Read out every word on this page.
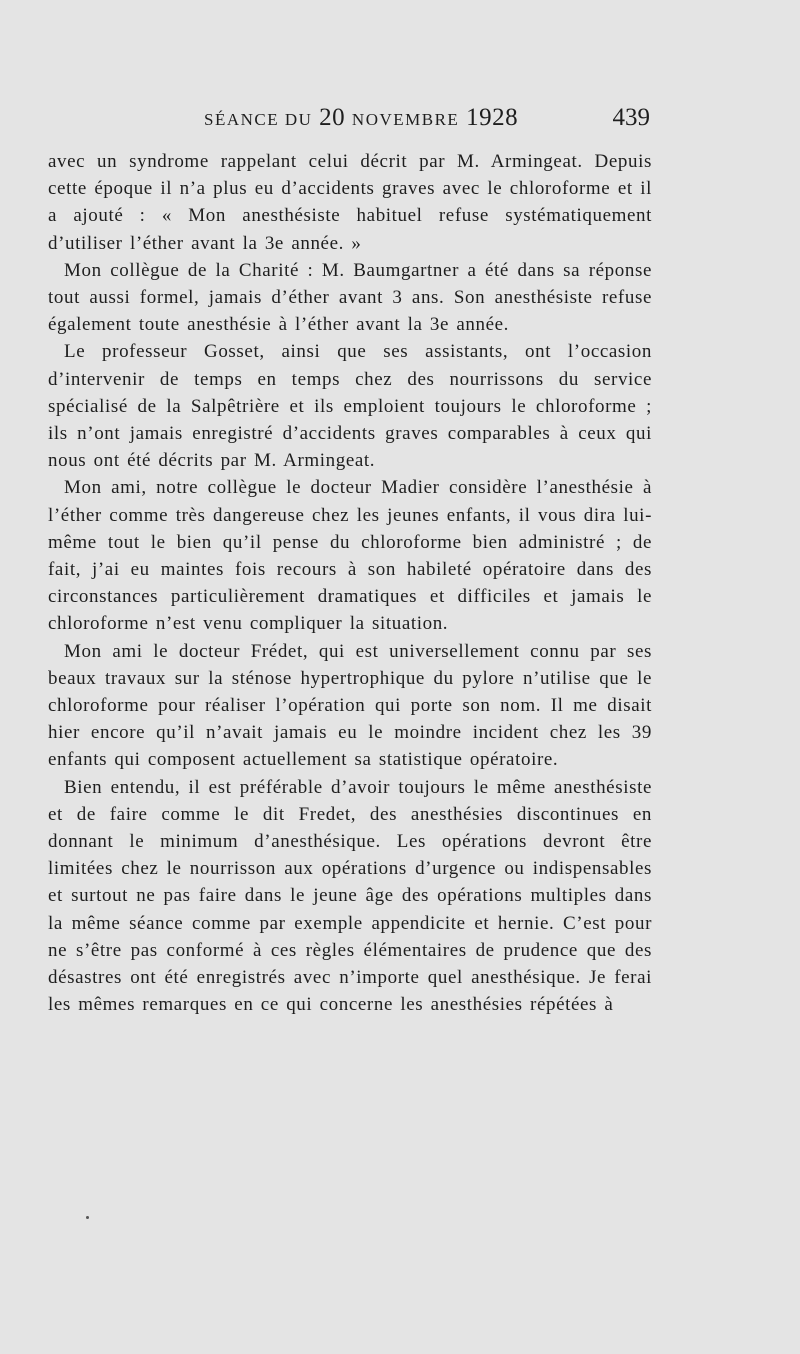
SÉANCE DU 20 NOVEMBRE 1928	439

avec un syndrome rappelant celui décrit par M. Armingeat. Depuis cette époque il n’a plus eu d’accidents graves avec le chloroforme et il a ajouté : « Mon anesthésiste habituel refuse systématiquement d’utiliser l’éther avant la 3e année. »

Mon collègue de la Charité : M. Baumgartner a été dans sa réponse tout aussi formel, jamais d’éther avant 3 ans. Son anesthésiste refuse également toute anesthésie à l’éther avant la 3e année.

Le professeur Gosset, ainsi que ses assistants, ont l’occasion d’intervenir de temps en temps chez des nourrissons du service spécialisé de la Salpêtrière et ils emploient toujours le chloroforme ; ils n’ont jamais enregistré d’accidents graves comparables à ceux qui nous ont été décrits par M. Armingeat.

Mon ami, notre collègue le docteur Madier considère l’anesthésie à l’éther comme très dangereuse chez les jeunes enfants, il vous dira lui-même tout le bien qu’il pense du chloroforme bien administré ; de fait, j’ai eu maintes fois recours à son habileté opératoire dans des circonstances particulièrement dramatiques et difficiles et jamais le chloroforme n’est venu compliquer la situation.

Mon ami le docteur Frédet, qui est universellement connu par ses beaux travaux sur la sténose hypertrophique du pylore n’utilise que le chloroforme pour réaliser l’opération qui porte son nom. Il me disait hier encore qu’il n’avait jamais eu le moindre incident chez les 39 enfants qui composent actuellement sa statistique opératoire.

Bien entendu, il est préférable d’avoir toujours le même anesthésiste et de faire comme le dit Fredet, des anesthésies discontinues en donnant le minimum d’anesthésique. Les opérations devront être limitées chez le nourrisson aux opérations d’urgence ou indispensables et surtout ne pas faire dans le jeune âge des opérations multiples dans la même séance comme par exemple appendicite et hernie. C’est pour ne s’être pas conformé à ces règles élémentaires de prudence que des désastres ont été enregistrés avec n’importe quel anesthésique. Je ferai les mêmes remarques en ce qui concerne les anesthésies répétées à
